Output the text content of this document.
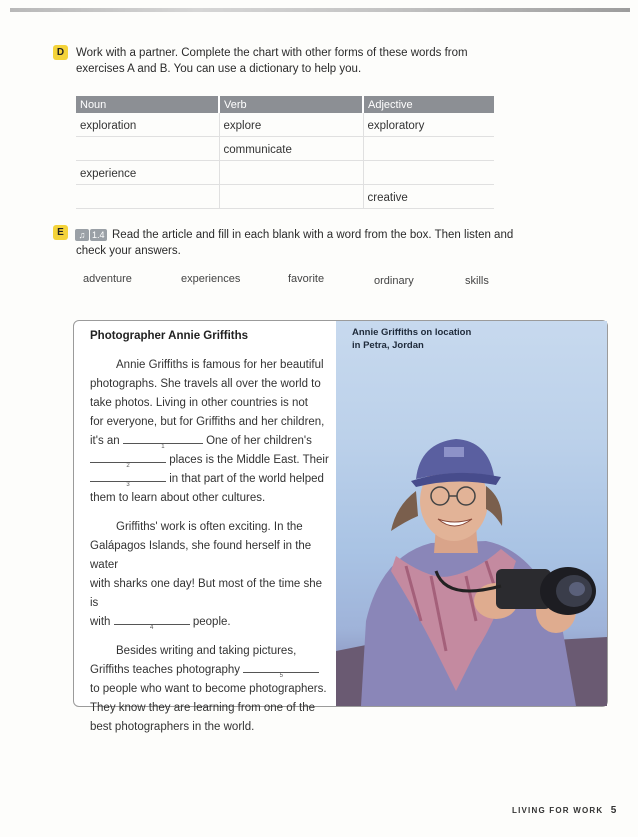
D	Work with a partner. Complete the chart with other forms of these words from
exercises A and B. You can use a dictionary to help you.
Noun	Verb	Adjective
exploration	explore	exploratory
	communicate	
experience		
		creative
E	♫ 1.4 Read the article and fill in each blank with a word from the box. Then listen and
check your answers.
adventure	experiences	favorite	ordinary	skills
Photographer Annie Griffiths
Annie Griffiths is famous for her beautiful
photographs. She travels all over the world to
take photos. Living in other countries is not
for everyone, but for Griffiths and her children,
it's an	1	One of her children's
2	places is the Middle East. Their
3	in that part of the world helped
them to learn about other cultures.
Griffiths' work is often exciting. In the
Galápagos Islands, she found herself in the water
with sharks one day! But most of the time she is
with	4	people.
Besides writing and taking pictures,
Griffiths teaches photography	5
to people who want to become photographers.
They know they are learning from one of the
best photographers in the world.
Annie Griffiths on location
in Petra, Jordan
LIVING FOR WORK 5
